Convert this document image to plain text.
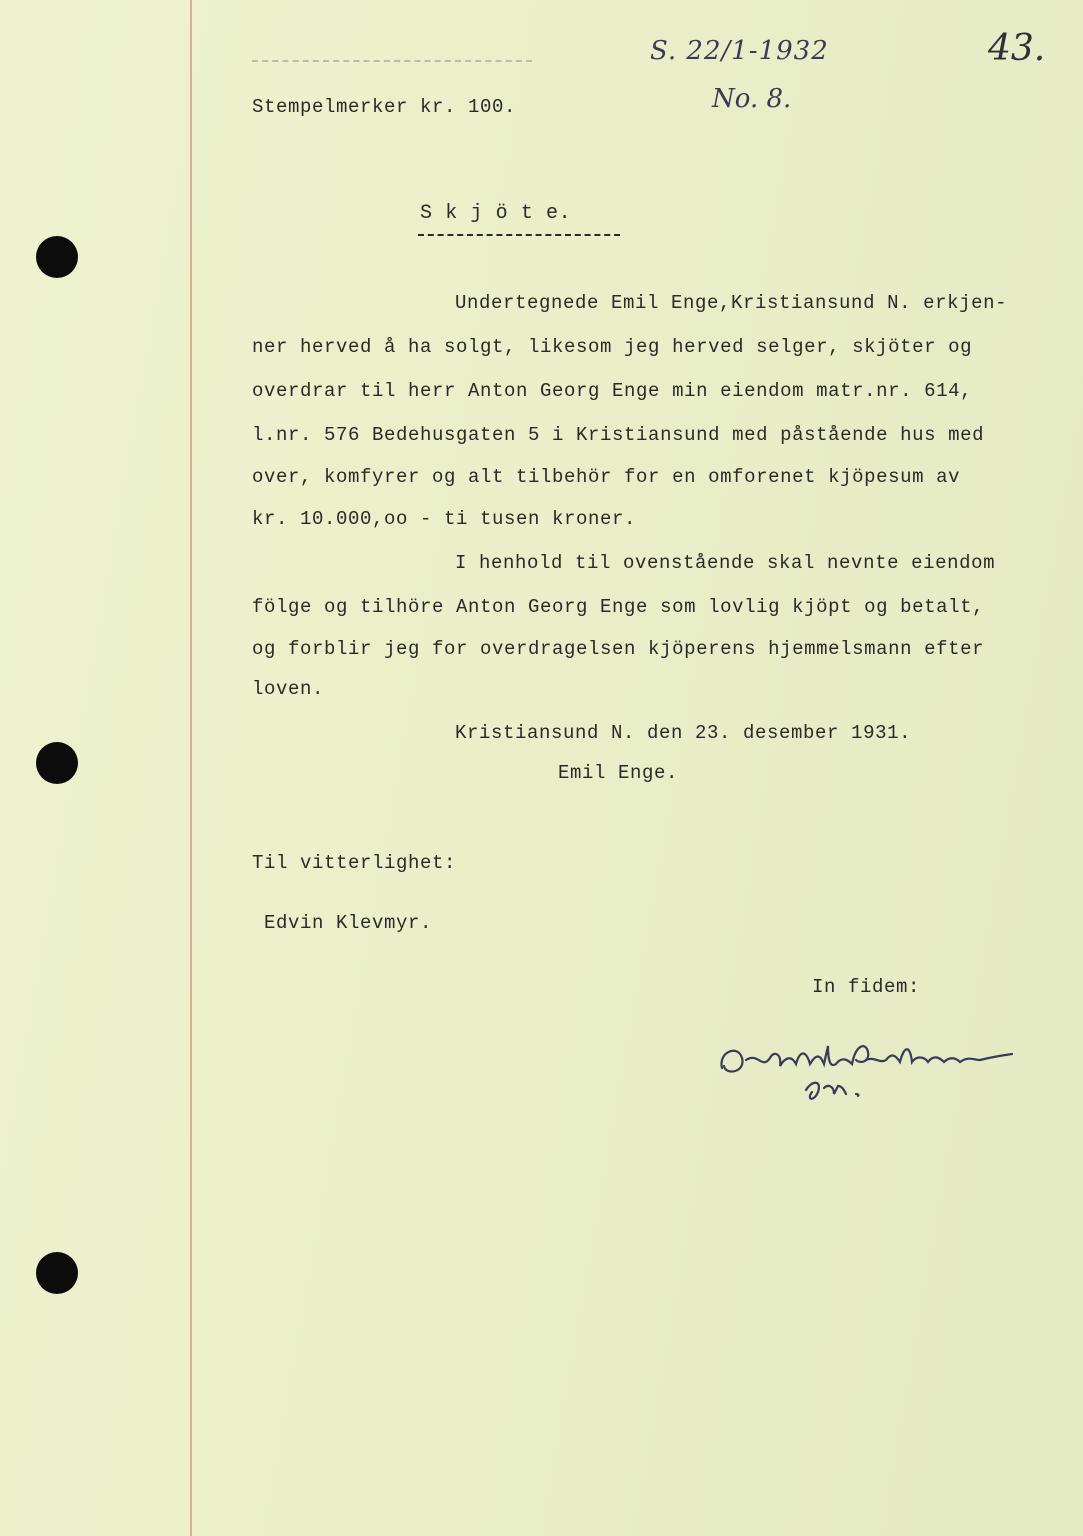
Stempelmerker kr. 100.
S. 22/1-1932
No. 8.
43.
S k j ö t e.
Undertegnede Emil Enge,Kristiansund N. erkjen-
ner herved å ha solgt, likesom jeg herved selger, skjöter og
overdrar til herr Anton Georg Enge min eiendom matr.nr. 614,
l.nr. 576 Bedehusgaten 5 i Kristiansund med påstående hus med
over, komfyrer og alt tilbehör for en omforenet kjöpesum av
kr. 10.000,oo - ti tusen kroner.
I henhold til ovenstående skal nevnte eiendom
fölge og tilhöre Anton Georg Enge som lovlig kjöpt og betalt,
og forblir jeg for overdragelsen kjöperens hjemmelsmann efter
loven.
Kristiansund N. den 23. desember 1931.
Emil Enge.
Til vitterlighet:
Edvin Klevmyr.
In fidem:
